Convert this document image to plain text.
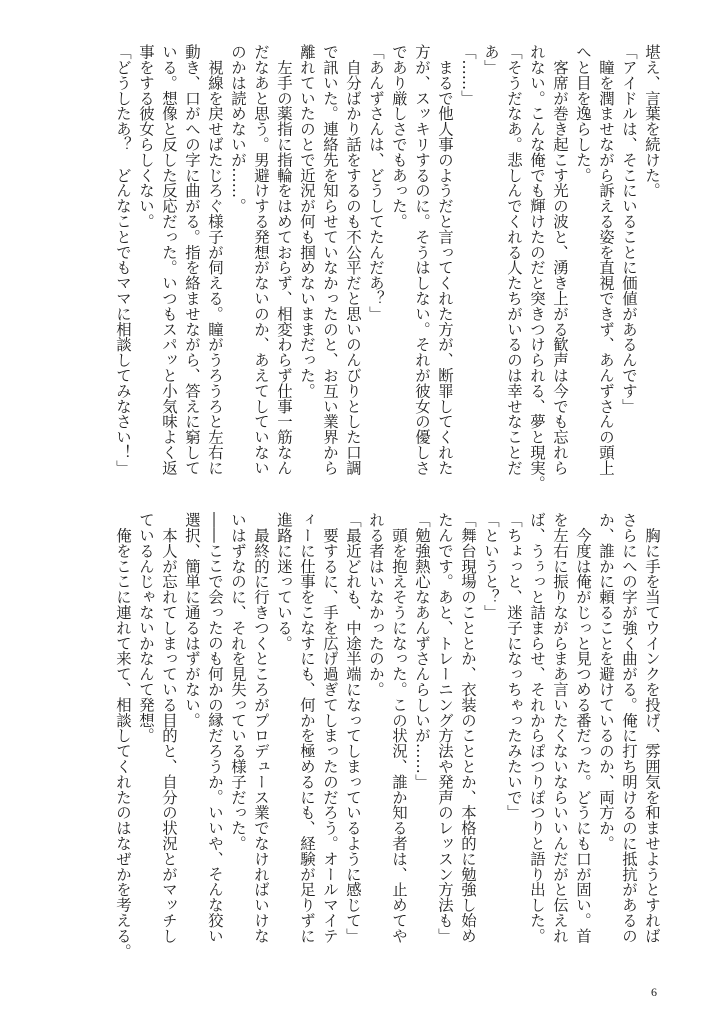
堪え、言葉を続けた。
「アイドルは、そこにいることに価値があるんです」
　瞳を潤ませながら訴える姿を直視できず、あんずさんの頭上
へと目を逸らした。
　客席が巻き起こす光の波と、湧き上がる歓声は今でも忘れら
れない。こんな俺でも輝けたのだと突きつけられる、夢と現実。
「そうだなあ。悲しんでくれる人たちがいるのは幸せなことだ
あ」
「……」
　まるで他人事のようだと言ってくれた方が、断罪してくれた
方が、スッキリするのに。そうはしない。それが彼女の優しさ
であり厳しさでもあった。
「あんずさんは、どうしてたんだあ？」
　自分ばかり話をするのも不公平だと思いのんびりとした口調
で訊いた。連絡先を知らせていなかったのと、お互い業界から
離れていたのとで近況が何も掴めないままだった。
　左手の薬指に指輪をはめておらず、相変わらず仕事一筋なん
だなあと思う。男避けする発想がないのか、あえてしていない
のかは読めないが……。
　視線を戻せばたじろぐ様子が伺える。瞳がうろうろと左右に
動き、口がへの字に曲がる。指を絡ませながら、答えに窮して
いる。想像と反した反応だった。いつもスパッと小気味よく返
事をする彼女らしくない。
「どうしたあ？　どんなことでもママに相談してみなさい！」
　胸に手を当てウインクを投げ、雰囲気を和ませようとすれば
さらにへの字が強く曲がる。俺に打ち明けるのに抵抗があるの
か、誰かに頼ることを避けているのか、両方か。
　今度は俺がじっと見つめる番だった。どうにも口が固い。首
を左右に振りながらまあ言いたくないならいいんだがと伝えれ
ば、うぅっと詰まらせ、それからぽつりぽつりと語り出した。
「ちょっと、迷子になっちゃったみたいで」
「というと？」
「舞台現場のこととか、衣装のこととか、本格的に勉強し始め
たんです。あと、トレーニング方法や発声のレッスン方法も」
「勉強熱心なあんずさんらしいが……」
　頭を抱えそうになった。この状況、誰か知る者は、止めてや
れる者はいなかったのか。
「最近どれも、中途半端になってしまっているように感じて」
　要するに、手を広げ過ぎてしまったのだろう。オールマイテ
ィーに仕事をこなすにも、何かを極めるにも、経験が足りずに
進路に迷っている。
　最終的に行きつくところがプロデュース業でなければいけな
いはずなのに、それを見失っている様子だった。
――ここで会ったのも何かの縁だろうか。いいや、そんな狡い
選択、簡単に通るはずがない。
　本人が忘れてしまっている目的と、自分の状況とがマッチし
ているんじゃないかなんて発想。
　俺をここに連れて来て、相談してくれたのはなぜかを考える。
6
